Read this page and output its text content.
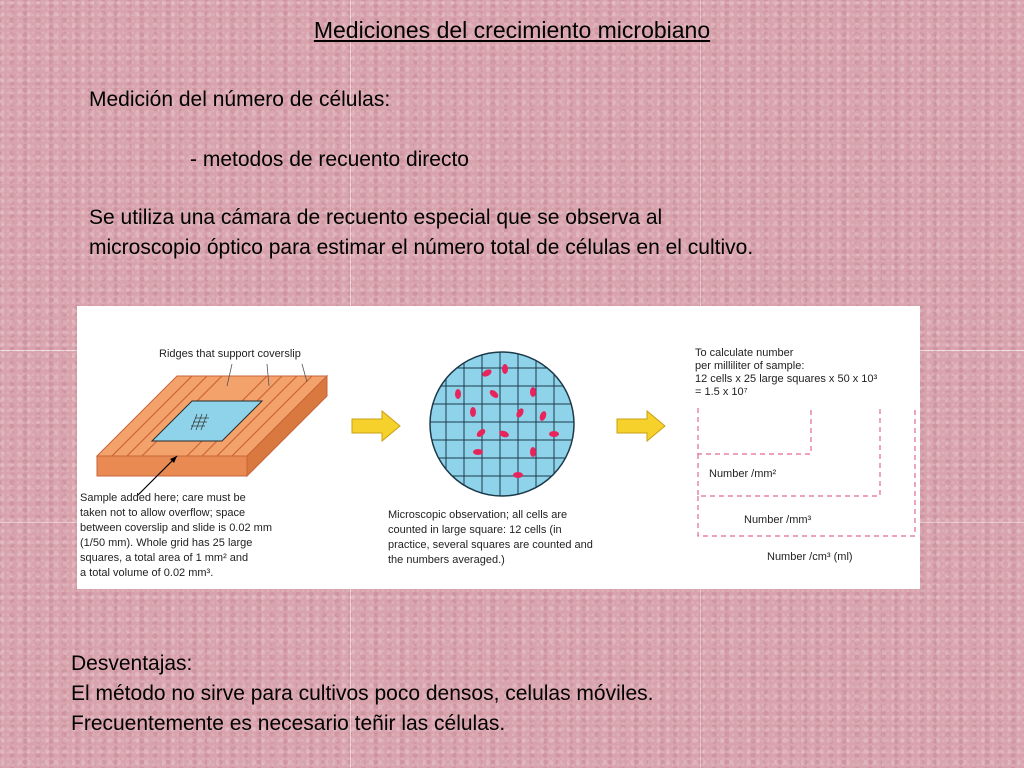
Mediciones del crecimiento microbiano
Medición del número de células:
- metodos de recuento directo
Se utiliza una cámara de recuento especial que se observa al
microscopio óptico para estimar el número total de células en el cultivo.
Ridges that support coverslip
Sample added here; care must be
taken not to allow overflow; space
between coverslip and slide is 0.02 mm
(1/50 mm). Whole grid has 25 large
squares, a total area of 1 mm² and
a total volume of 0.02 mm³.
Microscopic observation; all cells are
counted in large square: 12 cells (in
practice, several squares are counted and
the numbers averaged.)
To calculate number
per milliliter of sample:
12 cells x 25 large squares x 50 x 10³
= 1.5 x 10⁷
Number /mm²
Number /mm³
Number /cm³ (ml)
Desventajas:
El método no sirve para cultivos poco densos, celulas móviles.
Frecuentemente es necesario teñir las células.
